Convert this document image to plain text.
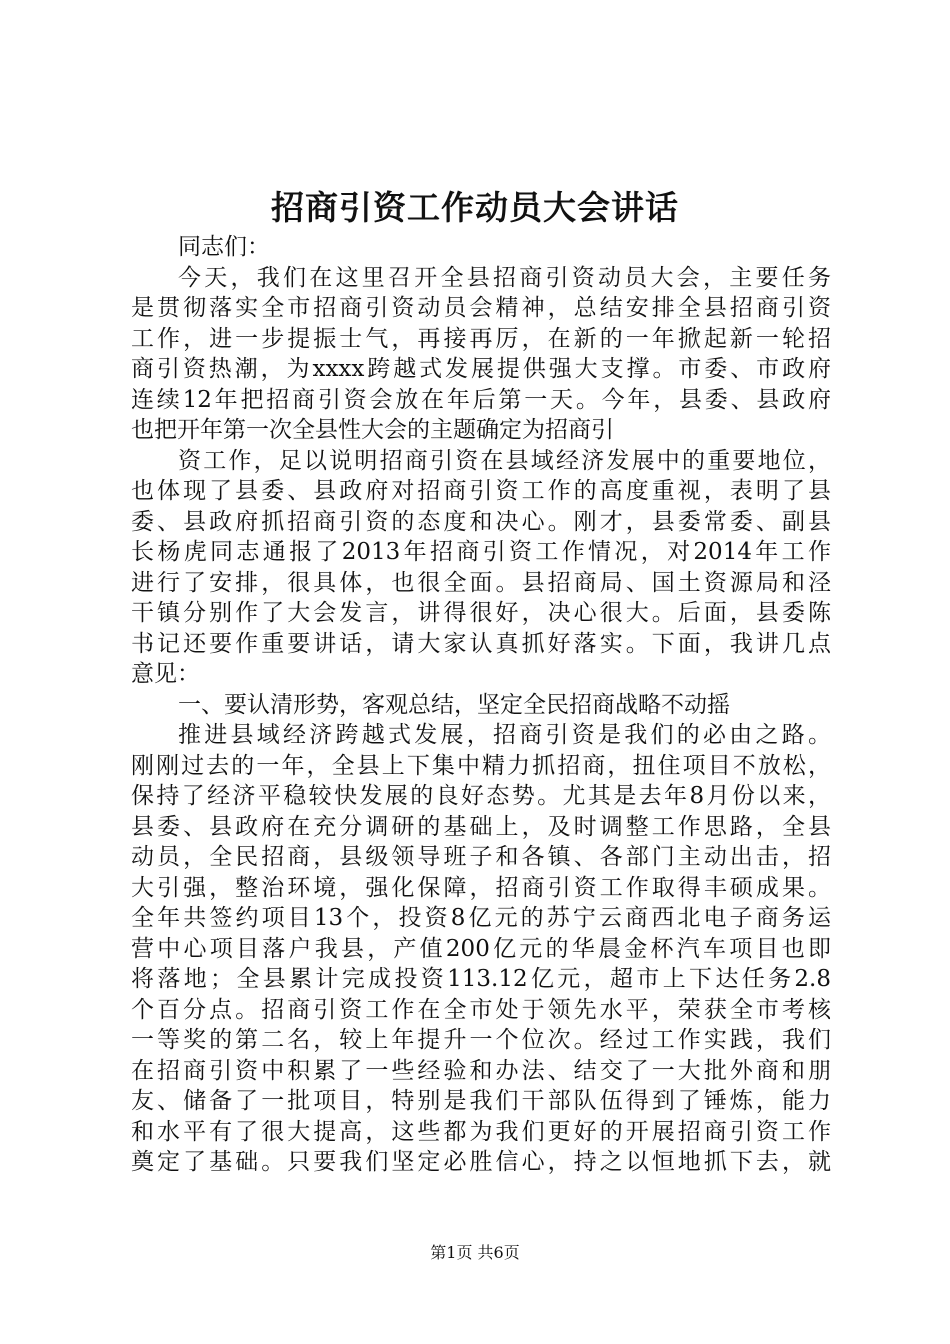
招商引资工作动员大会讲话
同志们：
今天，我们在这里召开全县招商引资动员大会，主要任务
是贯彻落实全市招商引资动员会精神，总结安排全县招商引资
工作，进一步提振士气，再接再厉，在新的一年掀起新一轮招
商引资热潮，为xxxx跨越式发展提供强大支撑。市委、市政府
连续12年把招商引资会放在年后第一天。今年，县委、县政府
也把开年第一次全县性大会的主题确定为招商引
资工作，足以说明招商引资在县域经济发展中的重要地位，
也体现了县委、县政府对招商引资工作的高度重视，表明了县
委、县政府抓招商引资的态度和决心。刚才，县委常委、副县
长杨虎同志通报了2013年招商引资工作情况，对2014年工作
进行了安排，很具体，也很全面。县招商局、国土资源局和泾
干镇分别作了大会发言，讲得很好，决心很大。后面，县委陈
书记还要作重要讲话，请大家认真抓好落实。下面，我讲几点
意见：
一、要认清形势，客观总结，坚定全民招商战略不动摇
推进县域经济跨越式发展，招商引资是我们的必由之路。
刚刚过去的一年，全县上下集中精力抓招商，扭住项目不放松，
保持了经济平稳较快发展的良好态势。尤其是去年8月份以来，
县委、县政府在充分调研的基础上，及时调整工作思路，全县
动员，全民招商，县级领导班子和各镇、各部门主动出击，招
大引强，整治环境，强化保障，招商引资工作取得丰硕成果。
全年共签约项目13个，投资8亿元的苏宁云商西北电子商务运
营中心项目落户我县，产值200亿元的华晨金杯汽车项目也即
将落地；全县累计完成投资113.12亿元，超市上下达任务2.8
个百分点。招商引资工作在全市处于领先水平，荣获全市考核
一等奖的第二名，较上年提升一个位次。经过工作实践，我们
在招商引资中积累了一些经验和办法、结交了一大批外商和朋
友、储备了一批项目，特别是我们干部队伍得到了锤炼，能力
和水平有了很大提高，这些都为我们更好的开展招商引资工作
奠定了基础。只要我们坚定必胜信心，持之以恒地抓下去，就
第1页 共6页
